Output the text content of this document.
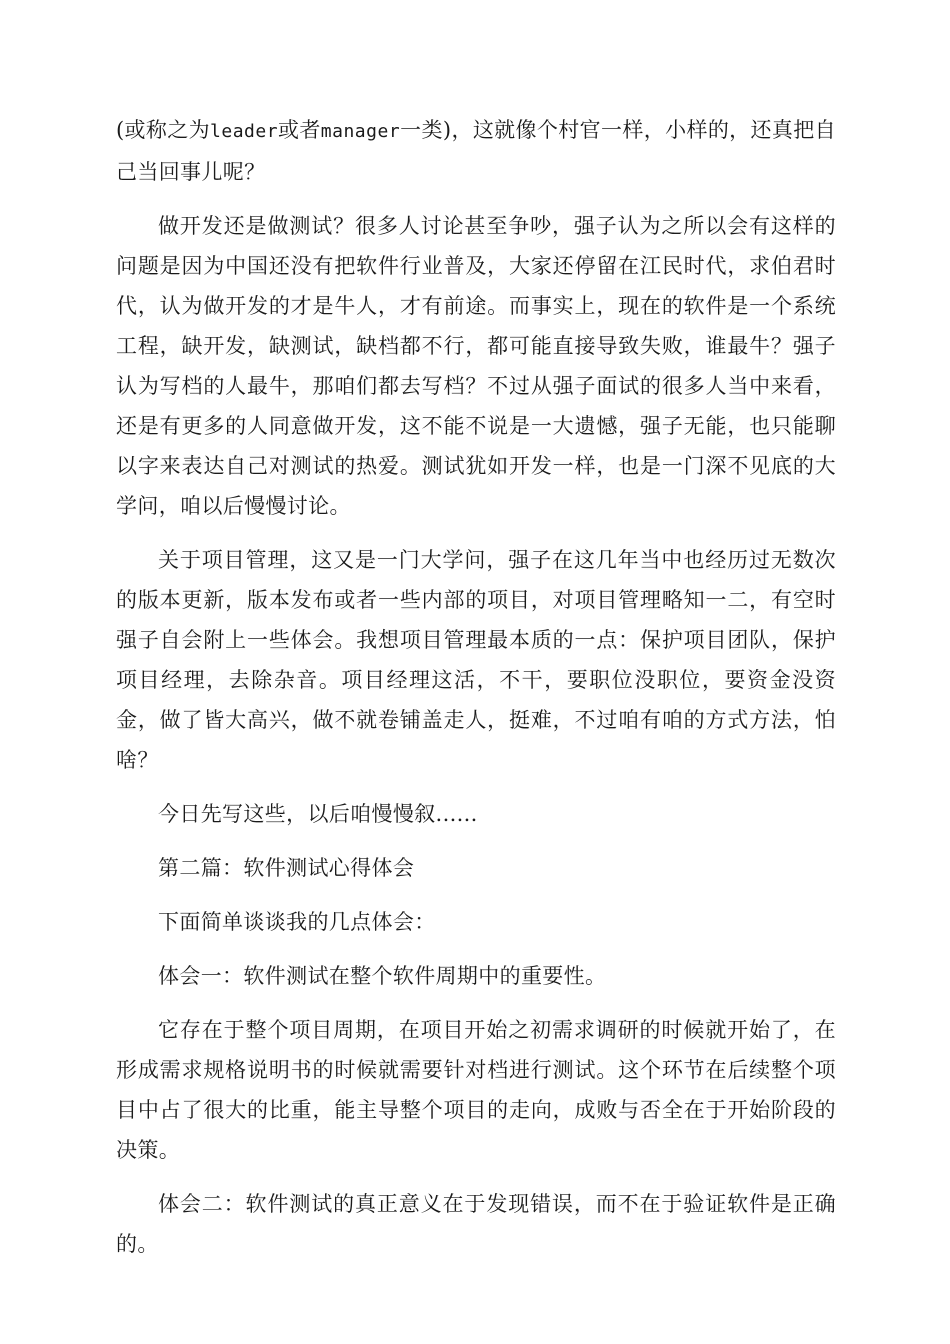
(或称之为leader或者manager一类)，这就像个村官一样，小样的，还真把自己当回事儿呢？

做开发还是做测试？很多人讨论甚至争吵，强子认为之所以会有这样的问题是因为中国还没有把软件行业普及，大家还停留在江民时代，求伯君时代，认为做开发的才是牛人，才有前途。而事实上，现在的软件是一个系统工程，缺开发，缺测试，缺档都不行，都可能直接导致失败，谁最牛？强子认为写档的人最牛，那咱们都去写档？不过从强子面试的很多人当中来看，还是有更多的人同意做开发，这不能不说是一大遗憾，强子无能，也只能聊以字来表达自己对测试的热爱。测试犹如开发一样，也是一门深不见底的大学问，咱以后慢慢讨论。

关于项目管理，这又是一门大学问，强子在这几年当中也经历过无数次的版本更新，版本发布或者一些内部的项目，对项目管理略知一二，有空时强子自会附上一些体会。我想项目管理最本质的一点：保护项目团队，保护项目经理，去除杂音。项目经理这活，不干，要职位没职位，要资金没资金，做了皆大高兴，做不就卷铺盖走人，挺难，不过咱有咱的方式方法，怕啥？

今日先写这些，以后咱慢慢叙......

第二篇：软件测试心得体会

下面简单谈谈我的几点体会：

体会一：软件测试在整个软件周期中的重要性。

它存在于整个项目周期，在项目开始之初需求调研的时候就开始了，在形成需求规格说明书的时候就需要针对档进行测试。这个环节在后续整个项目中占了很大的比重，能主导整个项目的走向，成败与否全在于开始阶段的决策。

体会二：软件测试的真正意义在于发现错误，而不在于验证软件是正确的。
